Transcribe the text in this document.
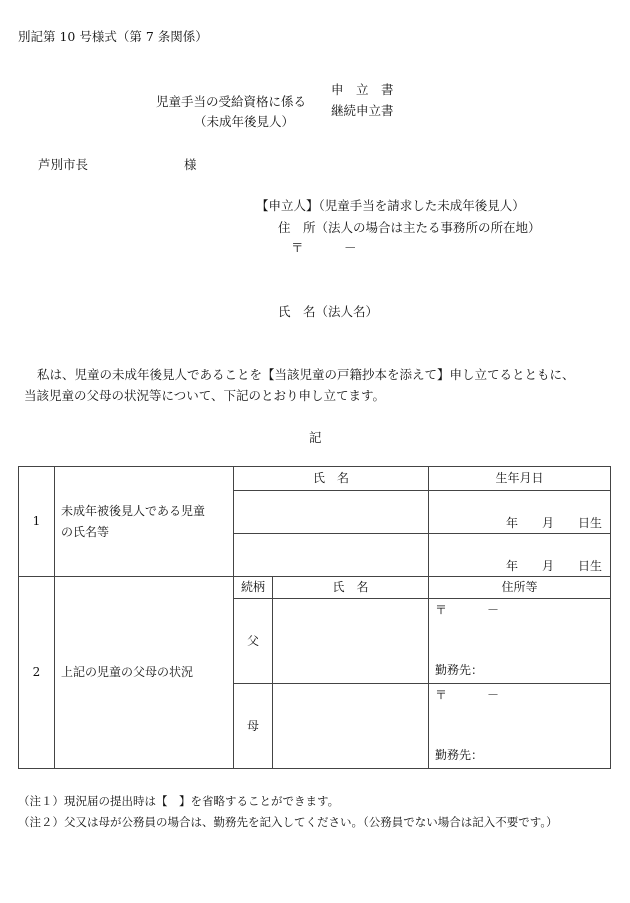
別記第 10 号様式（第 7 条関係）
児童手当の受給資格に係る
（未成年後見人）
申　立　書
継続申立書
芦別市長	様
【申立人】（児童手当を請求した未成年後見人）
住　所（法人の場合は主たる事務所の所在地）
〒	－
氏　名（法人名）
私は、児童の未成年後見人であることを【当該児童の戸籍抄本を添えて】申し立てるとともに、
当該児童の父母の状況等について、下記のとおり申し立てます。
記
1	未成年被後見人である児童
の氏名等	氏　名		生年月日
				年　　月　　日生
				年　　月　　日生
2	上記の児童の父母の状況	続柄	氏　名	住所等
		父		〒 －
勤務先：

		母		〒 －
勤務先：
（注１）現況届の提出時は【　】を省略することができます。
（注２）父又は母が公務員の場合は、勤務先を記入してください。（公務員でない場合は記入不要です。）
